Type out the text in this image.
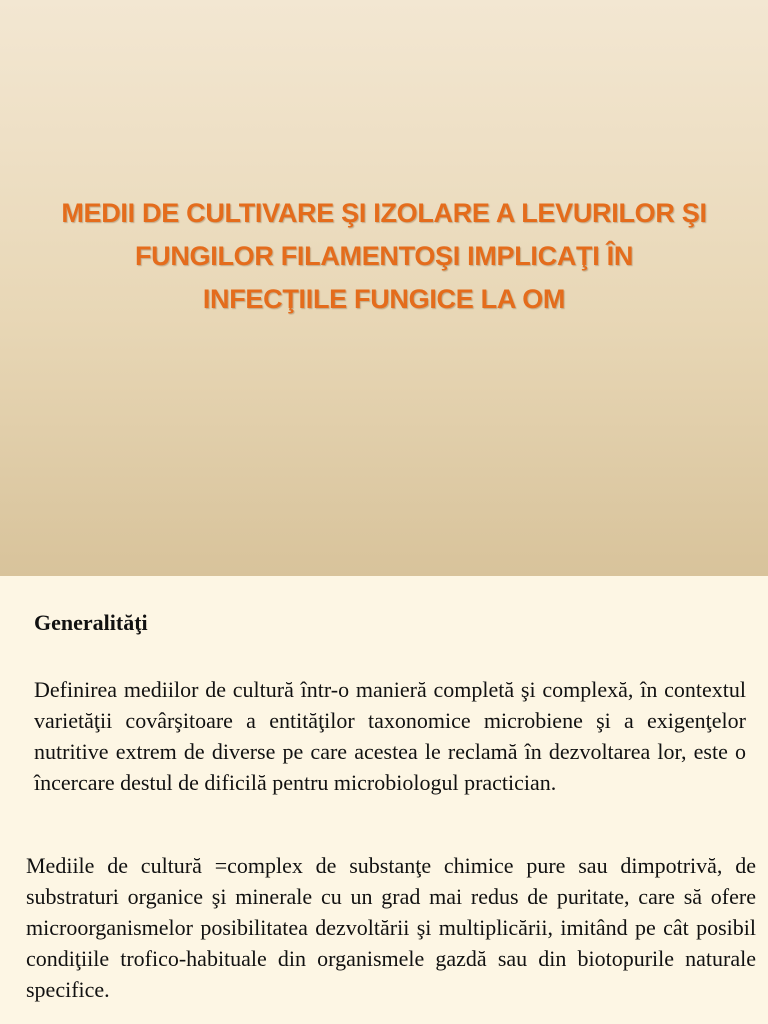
MEDII DE CULTIVARE ŞI IZOLARE A LEVURILOR ŞI FUNGILOR FILAMENTOŞI IMPLICAŢI ÎN INFECŢIILE FUNGICE LA OM
Generalităţi

Definirea mediilor de cultură într-o manieră completă şi complexă, în contextul varietăţii covârşitoare a entităţilor taxonomice microbiene şi a exigenţelor nutritive extrem de diverse pe care acestea le reclamă în dezvoltarea lor, este o încercare destul de dificilă pentru microbiologul practician.

Mediile de cultură =complex de substanţe chimice pure sau dimpotrivă, de substraturi organice şi minerale cu un grad mai redus de puritate, care să ofere microorganismelor posibilitatea dezvoltării şi multiplicării, imitând pe cât posibil condiţiile trofico-habituale din organismele gazdă sau din biotopurile naturale specifice.
